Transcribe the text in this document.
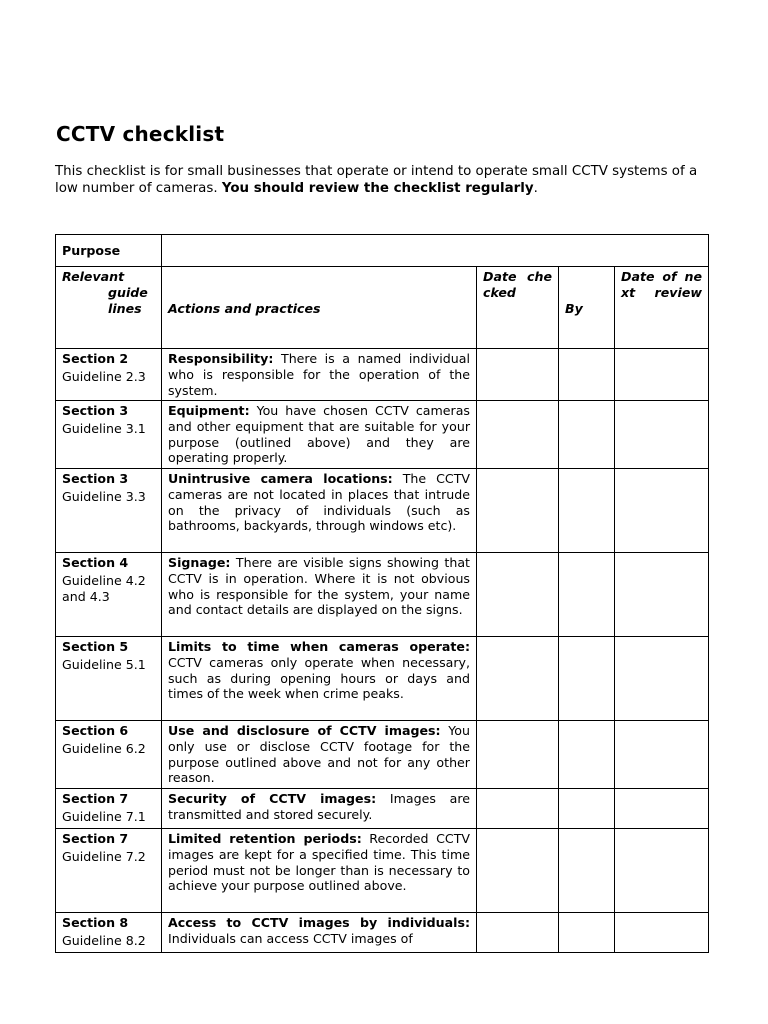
CCTV checklist

This checklist is for small businesses that operate or intend to operate small CCTV systems of a low number of cameras. You should review the checklist regularly.

Purpose				

Relevant
guide
lines	Actions and practices	Date checked	By	Date of next review

Section 2
Guideline 2.3	Responsibility: There is a named individual who is responsible for the operation of the system.			

Section 3
Guideline 3.1	Equipment: You have chosen CCTV cameras and other equipment that are suitable for your purpose (outlined above) and they are operating properly.			

Section 3
Guideline 3.3	Unintrusive camera locations: The CCTV cameras are not located in places that intrude on the privacy of individuals (such as bathrooms, backyards, through windows etc).			

Section 4
Guideline 4.2 and 4.3	Signage: There are visible signs showing that CCTV is in operation. Where it is not obvious who is responsible for the system, your name and contact details are displayed on the signs.			

Section 5
Guideline 5.1	Limits to time when cameras operate: CCTV cameras only operate when necessary, such as during opening hours or days and times of the week when crime peaks.			

Section 6
Guideline 6.2	Use and disclosure of CCTV images: You only use or disclose CCTV footage for the purpose outlined above and not for any other reason.			

Section 7
Guideline 7.1	Security of CCTV images: Images are transmitted and stored securely.			

Section 7
Guideline 7.2	Limited retention periods: Recorded CCTV images are kept for a specified time. This time period must not be longer than is necessary to achieve your purpose outlined above.			

Section 8
Guideline 8.2	Access to CCTV images by individuals: Individuals can access CCTV images of			
